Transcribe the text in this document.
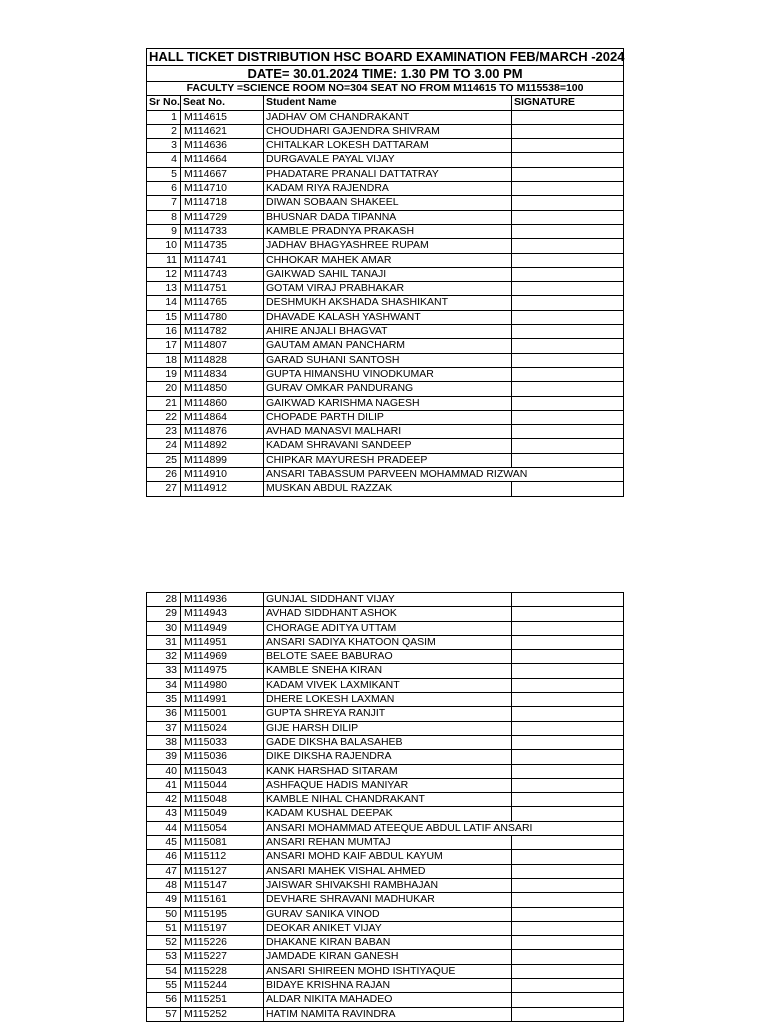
HALL TICKET DISTRIBUTION HSC BOARD EXAMINATION FEB/MARCH -2024			
DATE= 30.01.2024 TIME: 1.30 PM TO 3.00 PM			
FACULTY =SCIENCE ROOM NO=304 SEAT NO FROM M114615 TO M115538=100			
Sr No.	Seat No.	Student Name	SIGNATURE
1	M114615	JADHAV OM CHANDRAKANT	
2	M114621	CHOUDHARI GAJENDRA SHIVRAM	
3	M114636	CHITALKAR LOKESH DATTARAM	
4	M114664	DURGAVALE PAYAL VIJAY	
5	M114667	PHADATARE PRANALI DATTATRAY	
6	M114710	KADAM RIYA RAJENDRA	
7	M114718	DIWAN SOBAAN SHAKEEL	
8	M114729	BHUSNAR DADA TIPANNA	
9	M114733	KAMBLE PRADNYA PRAKASH	
10	M114735	JADHAV BHAGYASHREE RUPAM	
11	M114741	CHHOKAR MAHEK AMAR	
12	M114743	GAIKWAD SAHIL TANAJI	
13	M114751	GOTAM VIRAJ PRABHAKAR	
14	M114765	DESHMUKH AKSHADA SHASHIKANT	
15	M114780	DHAVADE KALASH YASHWANT	
16	M114782	AHIRE ANJALI BHAGVAT	
17	M114807	GAUTAM AMAN PANCHARM	
18	M114828	GARAD SUHANI SANTOSH	
19	M114834	GUPTA HIMANSHU VINODKUMAR	
20	M114850	GURAV OMKAR PANDURANG	
21	M114860	GAIKWAD KARISHMA NAGESH	
22	M114864	CHOPADE PARTH DILIP	
23	M114876	AVHAD MANASVI MALHARI	
24	M114892	KADAM SHRAVANI SANDEEP	
25	M114899	CHIPKAR MAYURESH PRADEEP	
26	M114910	ANSARI TABASSUM PARVEEN MOHAMMAD RIZWAN	
27	M114912	MUSKAN ABDUL RAZZAK	
28	M114936	GUNJAL SIDDHANT VIJAY	
29	M114943	AVHAD SIDDHANT ASHOK	
30	M114949	CHORAGE ADITYA UTTAM	
31	M114951	ANSARI SADIYA KHATOON QASIM	
32	M114969	BELOTE SAEE BABURAO	
33	M114975	KAMBLE SNEHA KIRAN	
34	M114980	KADAM VIVEK LAXMIKANT	
35	M114991	DHERE LOKESH LAXMAN	
36	M115001	GUPTA SHREYA RANJIT	
37	M115024	GIJE HARSH DILIP	
38	M115033	GADE DIKSHA BALASAHEB	
39	M115036	DIKE DIKSHA RAJENDRA	
40	M115043	KANK HARSHAD SITARAM	
41	M115044	ASHFAQUE HADIS MANIYAR	
42	M115048	KAMBLE NIHAL CHANDRAKANT	
43	M115049	KADAM KUSHAL DEEPAK	
44	M115054	ANSARI MOHAMMAD ATEEQUE ABDUL LATIF ANSARI	
45	M115081	ANSARI REHAN MUMTAJ	
46	M115112	ANSARI MOHD KAIF ABDUL KAYUM	
47	M115127	ANSARI MAHEK VISHAL AHMED	
48	M115147	JAISWAR SHIVAKSHI RAMBHAJAN	
49	M115161	DEVHARE SHRAVANI MADHUKAR	
50	M115195	GURAV SANIKA VINOD	
51	M115197	DEOKAR ANIKET VIJAY	
52	M115226	DHAKANE KIRAN BABAN	
53	M115227	JAMDADE KIRAN GANESH	
54	M115228	ANSARI SHIREEN MOHD ISHTIYAQUE	
55	M115244	BIDAYE KRISHNA RAJAN	
56	M115251	ALDAR NIKITA MAHADEO	
57	M115252	HATIM NAMITA RAVINDRA	
